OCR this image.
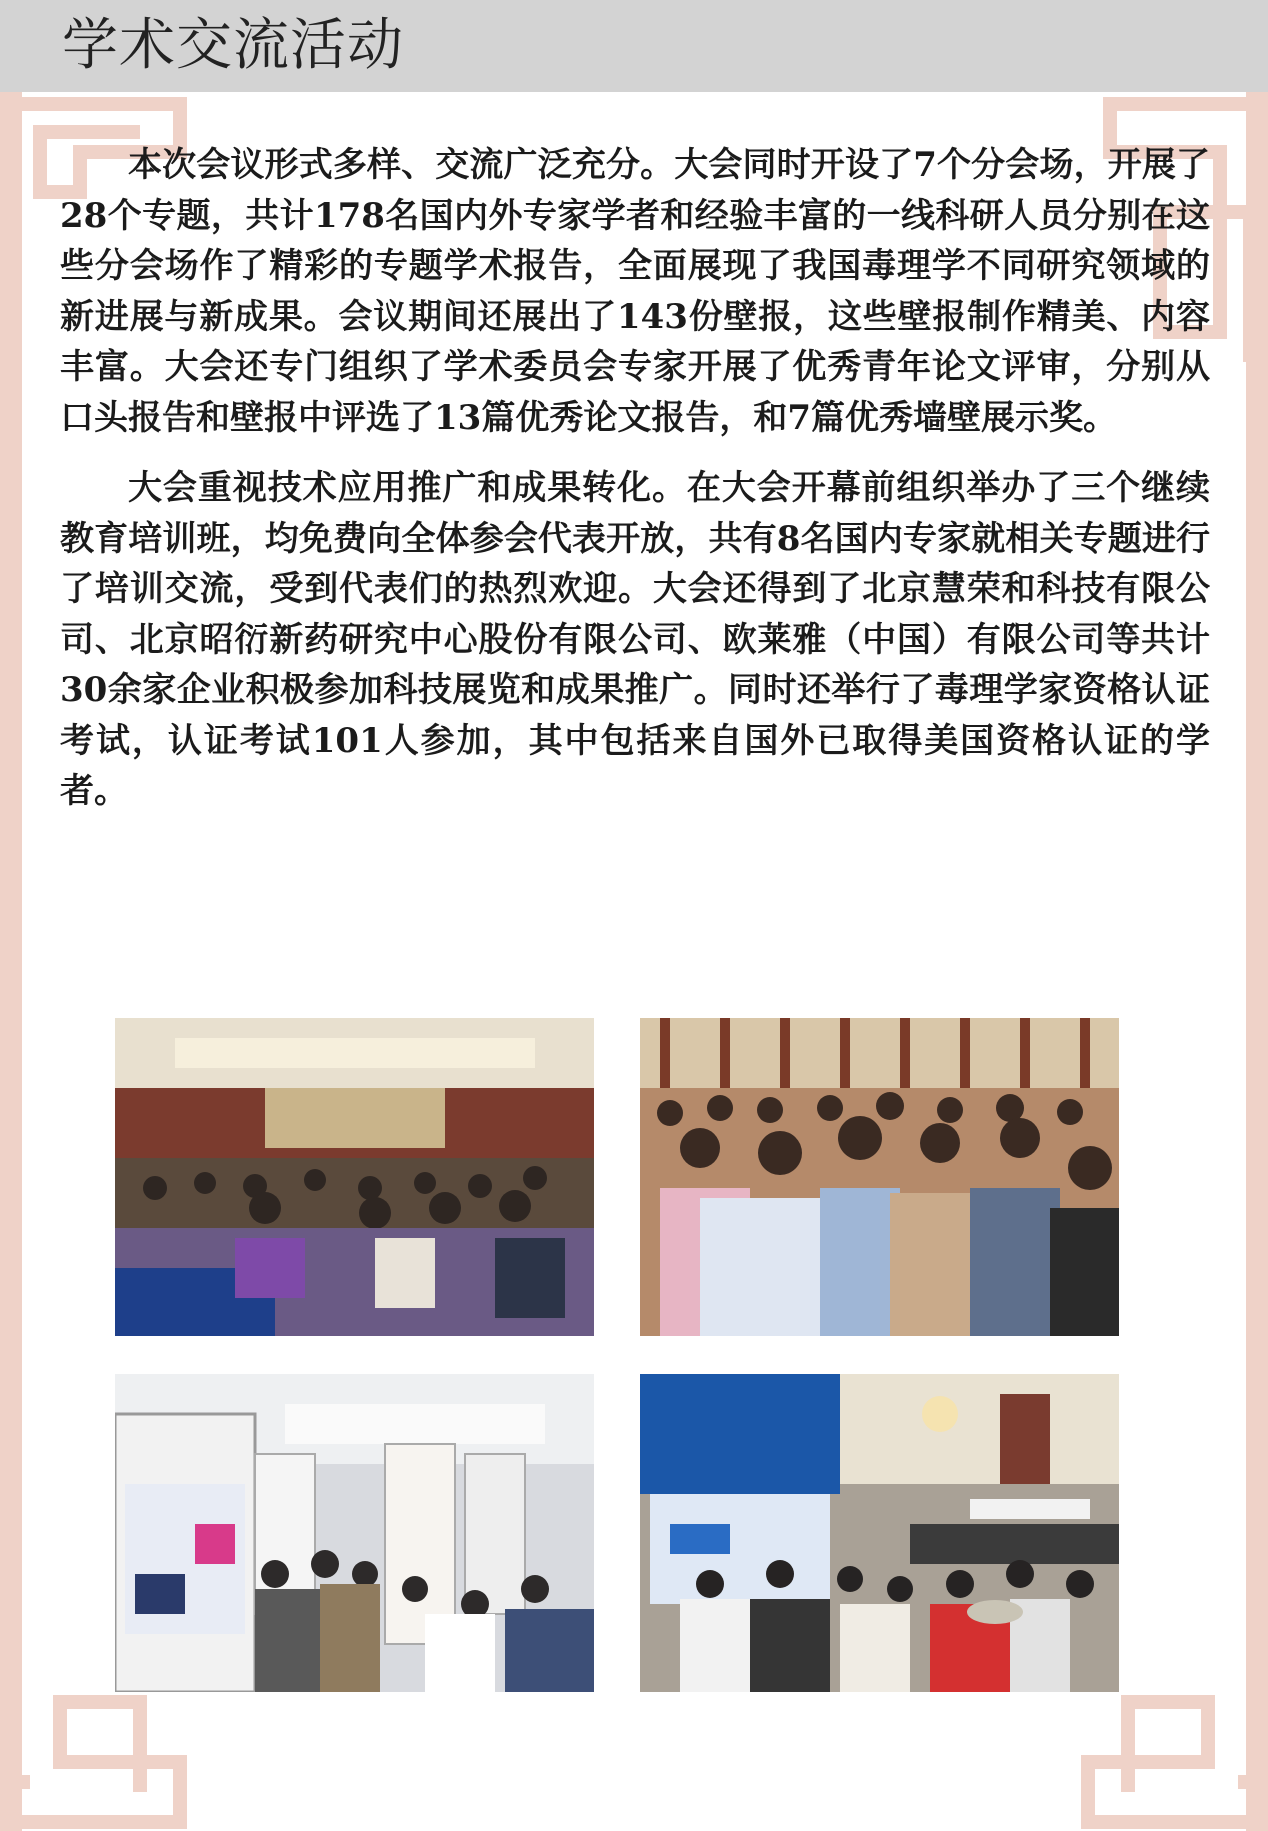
学术交流活动

本次会议形式多样、交流广泛充分。大会同时开设了7个分会场，开展了28个专题，共计178名国内外专家学者和经验丰富的一线科研人员分别在这些分会场作了精彩的专题学术报告，全面展现了我国毒理学不同研究领域的新进展与新成果。会议期间还展出了143份壁报，这些壁报制作精美、内容丰富。大会还专门组织了学术委员会专家开展了优秀青年论文评审，分别从口头报告和壁报中评选了13篇优秀论文报告，和7篇优秀墙壁展示奖。

大会重视技术应用推广和成果转化。在大会开幕前组织举办了三个继续教育培训班，均免费向全体参会代表开放，共有8名国内专家就相关专题进行了培训交流，受到代表们的热烈欢迎。大会还得到了北京慧荣和科技有限公司、北京昭衍新药研究中心股份有限公司、欧莱雅（中国）有限公司等共计30余家企业积极参加科技展览和成果推广。同时还举行了毒理学家资格认证考试，认证考试101人参加，其中包括来自国外已取得美国资格认证的学者。
